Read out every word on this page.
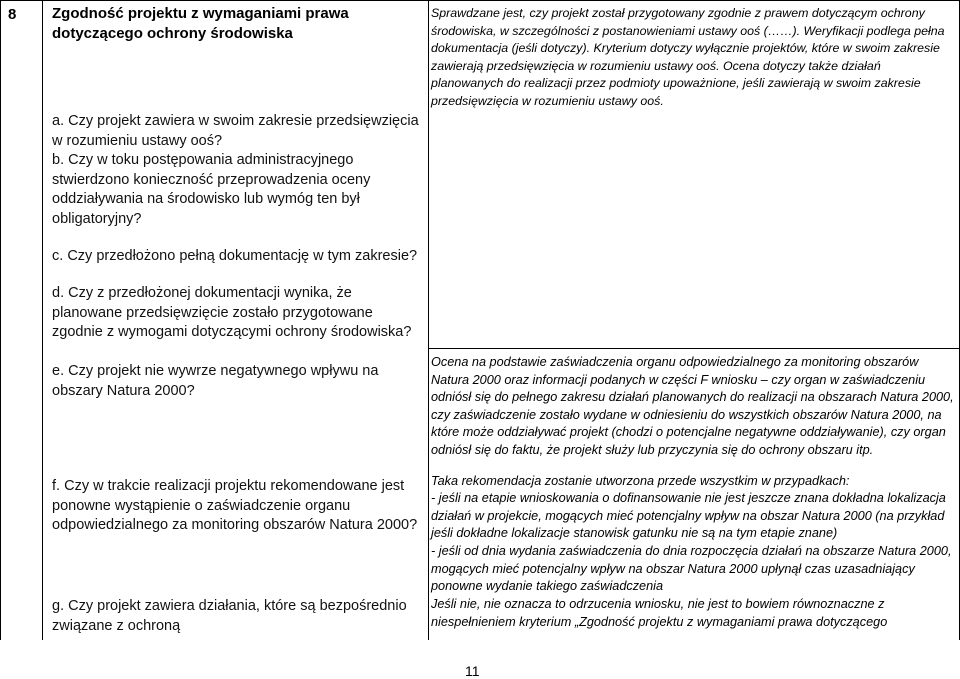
8 Zgodność projektu z wymaganiami prawa dotyczącego ochrony środowiska
a. Czy projekt zawiera w swoim zakresie przedsięwzięcia w rozumieniu ustawy ooś?
b. Czy w toku postępowania administracyjnego stwierdzono konieczność przeprowadzenia oceny oddziaływania na środowisko lub wymóg ten był obligatoryjny?
c. Czy przedłożono pełną dokumentację w tym zakresie?
d. Czy z przedłożonej dokumentacji wynika, że planowane przedsięwzięcie zostało przygotowane zgodnie z wymogami dotyczącymi ochrony środowiska?
e. Czy projekt nie wywrze negatywnego wpływu na obszary Natura 2000?
f. Czy w trakcie realizacji projektu rekomendowane jest ponowne wystąpienie o zaświadczenie organu odpowiedzialnego za monitoring obszarów Natura 2000?
g. Czy projekt zawiera działania, które są bezpośrednio związane z ochroną
Sprawdzane jest, czy projekt został przygotowany zgodnie z prawem dotyczącym ochrony środowiska, w szczególności z postanowieniami ustawy ooś (……). Weryfikacji podlega pełna dokumentacja (jeśli dotyczy). Kryterium dotyczy wyłącznie projektów, które w swoim zakresie zawierają przedsięwzięcia w rozumieniu ustawy ooś. Ocena dotyczy także działań planowanych do realizacji przez podmioty upoważnione, jeśli zawierają w swoim zakresie przedsięwzięcia w rozumieniu ustawy ooś.
Ocena na podstawie zaświadczenia organu odpowiedzialnego za monitoring obszarów Natura 2000 oraz informacji podanych w części F wniosku – czy organ w zaświadczeniu odniósł się do pełnego zakresu działań planowanych do realizacji na obszarach Natura 2000, czy zaświadczenie zostało wydane w odniesieniu do wszystkich obszarów Natura 2000, na które może oddziaływać projekt (chodzi o potencjalne negatywne oddziaływanie), czy organ odniósł się do faktu, że projekt służy lub przyczynia się do ochrony obszaru itp.
Taka rekomendacja zostanie utworzona przede wszystkim w przypadkach:
- jeśli na etapie wnioskowania o dofinansowanie nie jest jeszcze znana dokładna lokalizacja działań w projekcie, mogących mieć potencjalny wpływ na obszar Natura 2000 (na przykład jeśli dokładne lokalizacje stanowisk gatunku nie są na tym etapie znane)
- jeśli od dnia wydania zaświadczenia do dnia rozpoczęcia działań na obszarze Natura 2000, mogących mieć potencjalny wpływ na obszar Natura 2000 upłynął czas uzasadniający ponowne wydanie takiego zaświadczenia
Jeśli nie, nie oznacza to odrzucenia wniosku, nie jest to bowiem równoznaczne z niespełnieniem kryterium „Zgodność projektu z wymaganiami prawa dotyczącego
11
